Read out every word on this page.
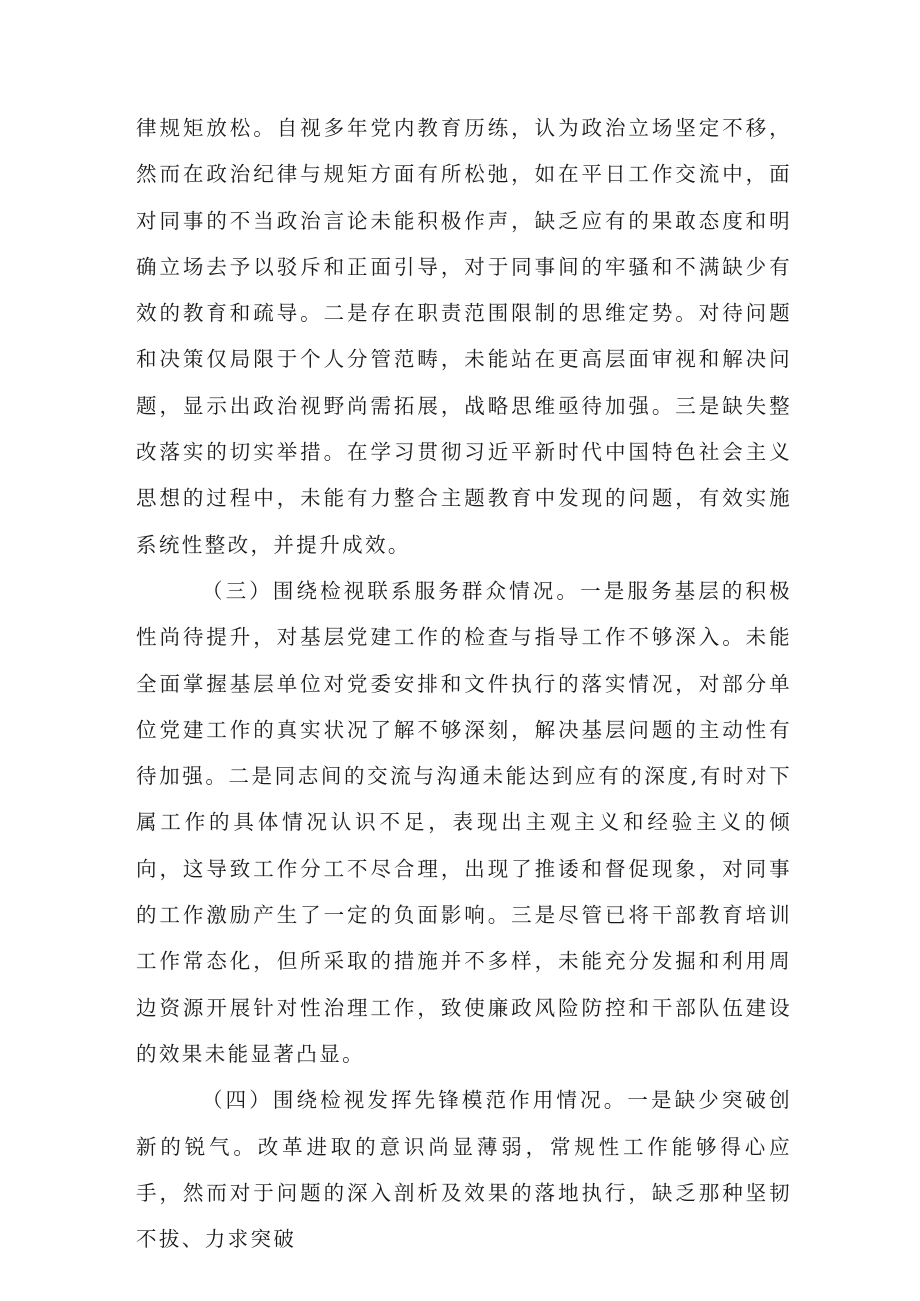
律规矩放松。自视多年党内教育历练，认为政治立场坚定不移，然而在政治纪律与规矩方面有所松弛，如在平日工作交流中，面对同事的不当政治言论未能积极作声，缺乏应有的果敢态度和明确立场去予以驳斥和正面引导，对于同事间的牢骚和不满缺少有效的教育和疏导。二是存在职责范围限制的思维定势。对待问题和决策仅局限于个人分管范畴，未能站在更高层面审视和解决问题，显示出政治视野尚需拓展，战略思维亟待加强。三是缺失整改落实的切实举措。在学习贯彻习近平新时代中国特色社会主义思想的过程中，未能有力整合主题教育中发现的问题，有效实施系统性整改，并提升成效。

（三）围绕检视联系服务群众情况。一是服务基层的积极性尚待提升，对基层党建工作的检查与指导工作不够深入。未能全面掌握基层单位对党委安排和文件执行的落实情况，对部分单位党建工作的真实状况了解不够深刻，解决基层问题的主动性有待加强。二是同志间的交流与沟通未能达到应有的深度,有时对下属工作的具体情况认识不足，表现出主观主义和经验主义的倾向，这导致工作分工不尽合理，出现了推诿和督促现象，对同事的工作激励产生了一定的负面影响。三是尽管已将干部教育培训工作常态化，但所采取的措施并不多样，未能充分发掘和利用周边资源开展针对性治理工作，致使廉政风险防控和干部队伍建设的效果未能显著凸显。

（四）围绕检视发挥先锋模范作用情况。一是缺少突破创新的锐气。改革进取的意识尚显薄弱，常规性工作能够得心应手，然而对于问题的深入剖析及效果的落地执行，缺乏那种坚韧不拔、力求突破
